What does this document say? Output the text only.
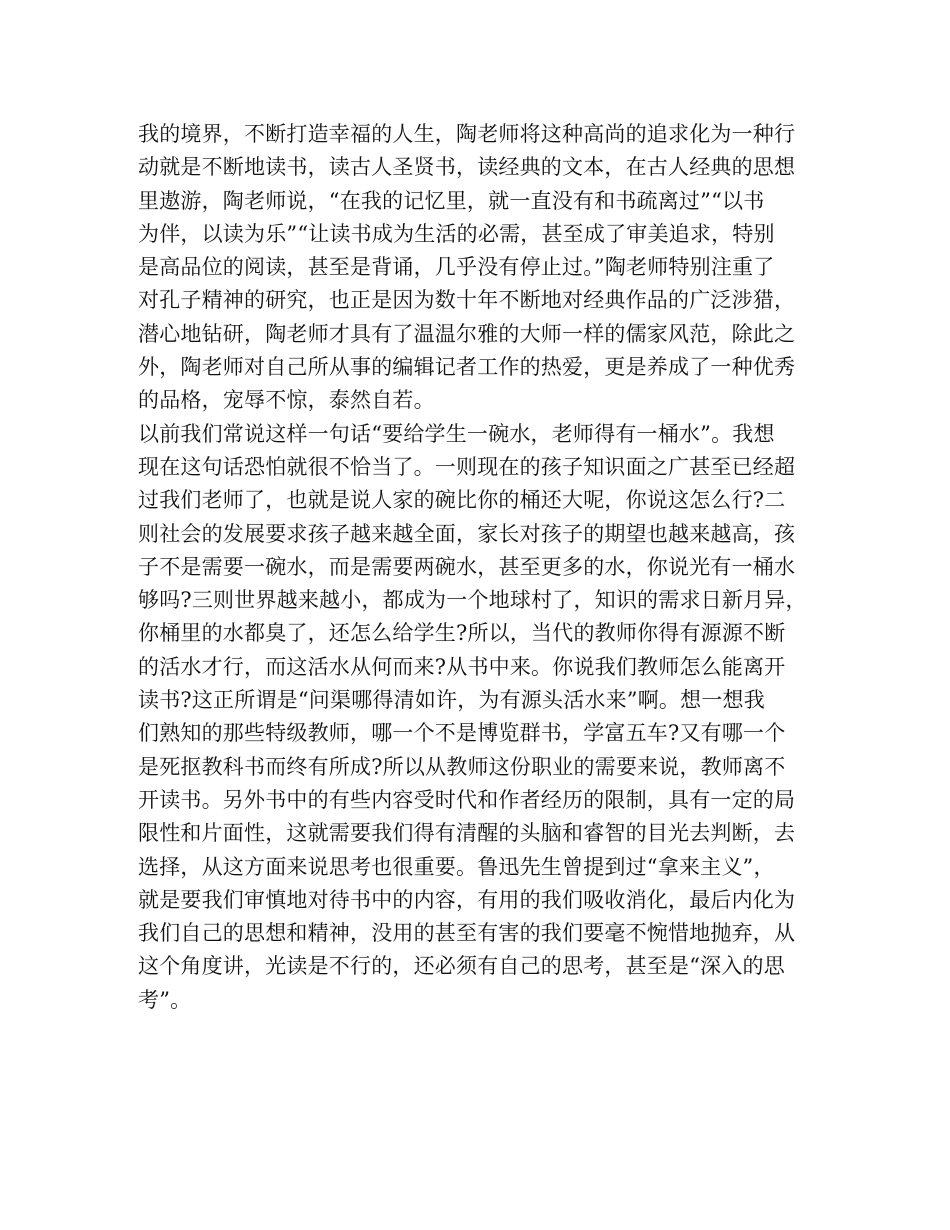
我的境界，不断打造幸福的人生，陶老师将这种高尚的追求化为一种行
动就是不断地读书，读古人圣贤书，读经典的文本，在古人经典的思想
里遨游，陶老师说，“在我的记忆里，就一直没有和书疏离过”“以书
为伴，以读为乐”“让读书成为生活的必需，甚至成了审美追求，特别
是高品位的阅读，甚至是背诵，几乎没有停止过。”陶老师特别注重了
对孔子精神的研究，也正是因为数十年不断地对经典作品的广泛涉猎，
潜心地钻研，陶老师才具有了温温尔雅的大师一样的儒家风范，除此之
外，陶老师对自己所从事的编辑记者工作的热爱，更是养成了一种优秀
的品格，宠辱不惊，泰然自若。

以前我们常说这样一句话“要给学生一碗水，老师得有一桶水”。我想
现在这句话恐怕就很不恰当了。一则现在的孩子知识面之广甚至已经超
过我们老师了，也就是说人家的碗比你的桶还大呢，你说这怎么行?二
则社会的发展要求孩子越来越全面，家长对孩子的期望也越来越高，孩
子不是需要一碗水，而是需要两碗水，甚至更多的水，你说光有一桶水
够吗?三则世界越来越小，都成为一个地球村了，知识的需求日新月异，
你桶里的水都臭了，还怎么给学生?所以，当代的教师你得有源源不断
的活水才行，而这活水从何而来?从书中来。你说我们教师怎么能离开
读书?这正所谓是“问渠哪得清如许，为有源头活水来”啊。想一想我
们熟知的那些特级教师，哪一个不是博览群书，学富五车?又有哪一个
是死抠教科书而终有所成?所以从教师这份职业的需要来说，教师离不
开读书。另外书中的有些内容受时代和作者经历的限制，具有一定的局
限性和片面性，这就需要我们得有清醒的头脑和睿智的目光去判断，去
选择，从这方面来说思考也很重要。鲁迅先生曾提到过“拿来主义”，
就是要我们审慎地对待书中的内容，有用的我们吸收消化，最后内化为
我们自己的思想和精神，没用的甚至有害的我们要毫不惋惜地抛弃，从
这个角度讲，光读是不行的，还必须有自己的思考，甚至是“深入的思
考”。
